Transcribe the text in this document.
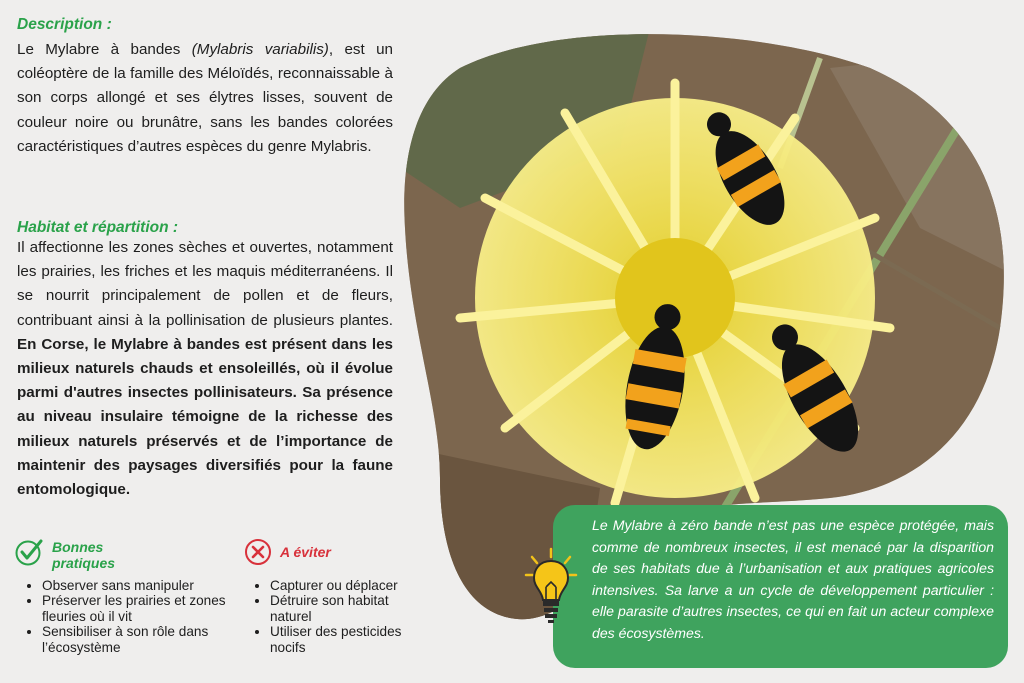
Description :
Le Mylabre à bandes (Mylabris variabilis), est un coléoptère de la famille des Méloïdés, reconnaissable à son corps allongé et ses élytres lisses, souvent de couleur noire ou brunâtre, sans les bandes colorées caractéristiques d’autres espèces du genre Mylabris.
Habitat et répartition :
Il affectionne les zones sèches et ouvertes, notamment les prairies, les friches et les maquis méditerranéens. Il se nourrit principalement de pollen et de fleurs, contribuant ainsi à la pollinisation de plusieurs plantes. En Corse, le Mylabre à bandes est présent dans les milieux naturels chauds et ensoleillés, où il évolue parmi d'autres insectes pollinisateurs. Sa présence au niveau insulaire témoigne de la richesse des milieux naturels préservés et de l’importance de maintenir des paysages diversifiés pour la faune entomologique.
Bonnes
pratiques
• Observer sans manipuler
• Préserver les prairies et zones fleuries où il vit
• Sensibiliser à son rôle dans l’écosystème
A éviter
• Capturer ou déplacer
• Détruire son habitat naturel
• Utiliser des pesticides nocifs
Le Mylabre à zéro bande n’est pas une espèce protégée, mais comme de nombreux insectes, il est menacé par la disparition de ses habitats due à l’urbanisation et aux pratiques agricoles intensives. Sa larve a un cycle de développement particulier : elle parasite d’autres insectes, ce qui en fait un acteur complexe des écosystèmes.
